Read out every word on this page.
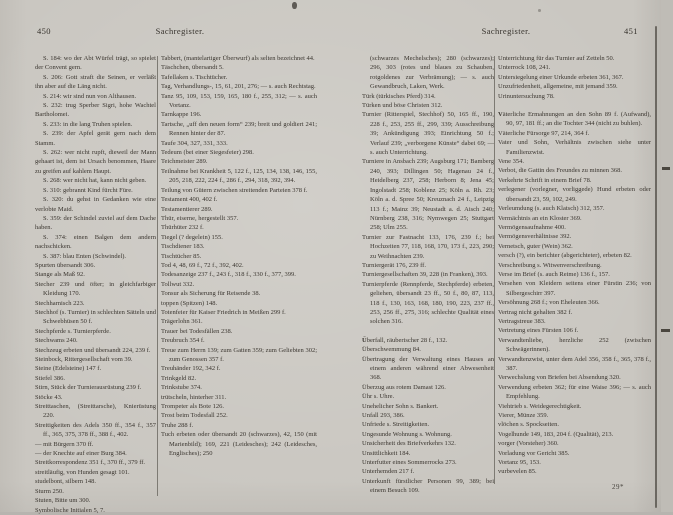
450	Sachregister.	Sachregister.	451

S. 184: wo der Abt Würfel trägt, so spielet der Convent gern.

S. 206: Gott straft die Seinen, er verläßt ihn aber auf die Läng nicht.

S. 214: wir sind nun von Althausen.

S. 232: trug Sperber Sigri, hohe Wachtel Bartholomei.

S. 233: in die lang Truhen spielen.

S. 239: der Apfel gerät gern nach dem Stamm.

S. 262: wer nicht rupft, dieweil der Mann gehaart ist, dem ist Ursach benommen, Haare zu greifen auf kahlem Haupt.

S. 268: wer nicht hat, kann nicht geben.

S. 310: gebrannt Kind fürcht Füre.

S. 320: du gehst in Gedanken wie eine verlobte Maid.

S. 359: der Schindel zuviel auf dem Dache haben.

S. 374: einen Balgen dem andern nachschicken.

S. 387: blau Enten (Schwindel).

Spurten übersandt 306.

Stange als Maß 92.

Stecher 239 und öfter; in gleichfarbiger Kleidung 170.

Stechharnisch 223.

Stechhof (s. Turnier) in schlechten Sätteln und Schwebhüsen 50 f.

Stechpferde s. Turnierpferde.

Stechwams 240.

Stechzeug erbeten und übersandt 224, 239 f.

Steinbock, Rittergesellschaft vom 39.

Steine (Edelsteine) 147 f.

Stiefel 386.

Stirn, Stück der Turnierausrüstung 239 f.

Stöcke 43.

Streittaschen, (Streittarsche), Knierüstung 220.

Streitigkeiten des Adels 350 ff., 354 f., 357 ff., 365, 375, 378 ff., 388 f., 402.

— mit Bürgern 370 ff.

— der Knechte auf einer Burg 384.

Streitkorrespondenz 351 f., 370 ff., 379 ff.

streitläufig, von Hunden gesagt 101.

studelbont, silbern 148.

Sturm 250.

Stuten, Bitte um 300.

Symbolische Initialen 5, 7.

Tabbert, (mantelartiger Überwurf) als selten bezeichnet 44.

Täschchen, übersandt 5.

Tafellaken s. Tischtücher.

Tag, Verhandlungs-, 15, 61, 201, 276; — s. auch Rechtstag.

Tanz 95, 109, 153, 159, 165, 180 f., 255, 312; — s. auch Vortanz.

Tarnkappe 196.

Tartsche, „uff den neuen form“ 239; breit und goldiert 241; Rennen hinter der 87.

Taufe 304, 327, 331, 333.

Tedeum (bei einer Siegesfeier) 298.

Teichmeister 289.

Teilnahme bei Krankheit 5, 122 f., 125, 134, 138, 146, 155, 205, 218, 222, 224 f., 286 f., 294, 318, 392, 394.

Teilung von Gütern zwischen streitenden Parteien 378 f.

Testament 400, 402 f.

Testamentierer 289.

Thür, eiserne, hergestellt 357.

Thürhüter 232 f.

Tiegel (? degelein) 155.

Tischdiener 183.

Tischtücher 85.

Tod 4, 48, 69 f., 72 f., 392, 402.

Todesanzeige 237 f., 243 f., 318 f., 330 f., 377, 399.

Tollwut 332.

Tonsur als Sicherung für Reisende 38.

toppen (Spitzen) 148.

Totenfeier für Kaiser Friedrich in Meißen 299 f.

Trägerlohn 361.

Trauer bei Todesfällen 238.

Treubruch 354 f.

Treue zum Herrn 139; zum Gatten 359; zum Geliebten 302; zum Genossen 357 f.

Treuhänder 192, 342 f.

Trinkgeld 82.

Trinkstube 374.

trütscheln, hinterher 311.

Trompeter als Bote 126.

Trost beim Todesfall 252.

Truhe 288 f.

Tuch erbeten oder übersandt 20 (schwarzes), 42, 150 (mit Marienbild); 169, 221 (Leidesches); 242 (Leidesches, Englisches); 250

(schwarzes Mechelsches); 280 (schwarzes); 296, 303 (rotes und blaues zu Schauben, rotgoldenes zur Verbrämung); — s. auch Gewandbruch, Laken, Werk.

Türk (türkisches Pferd) 314.

Türken und böse Christen 312.

Turnier (Ritterspiel, Stechhof) 50, 165 ff., 190, 228 f., 253, 255 ff., 299, 339; Ausschreibung 39; Ankündigung 393; Einrichtung 50 f.; Verlauf 239; „verborgene Künste“ dabei 69; — s. auch Unterrichtung.

Turniere in Ansbach 239; Augsburg 171; Bamberg 240, 393; Dillingen 50; Hagenau 24 f., Heidelberg 237, 258; Herborn 8; Jena 45; Ingolstadt 258; Koblenz 25; Köln a. Rh. 23; Köln a. d. Spree 50; Kreuznach 24 f., Leipzig 113 f.; Mainz 39; Neustadt a. d. Aisch 240; Nürnberg 238, 316; Nymwegen 25; Stuttgart 258; Ulm 255.

Turnier zur Fastnacht 133, 176, 239 f.; bei Hochzeiten 77, 118, 168, 170, 173 f., 223, 290; zu Weihnachten 239.

Turniergerät 176, 239 ff.

Turniergesellschaften 39, 228 (in Franken), 393.

Turnierpferde (Rennpferde, Stechpferde) erbeten, geliehen, übersandt 23 ff., 50 f., 80, 87, 113, 118 f., 130, 163, 168, 180, 190, 223, 237 ff., 253, 256 ff., 275, 316; schlechte Qualität eines solchen 316.

Überfall, räuberischer 28 f., 132.

Überschwemmung 84.

Übertragung der Verwaltung eines Hauses an einem anderen während einer Abwesenheit 368.

Überzug aus rotem Damast 126.

Ühr s. Uhre.

Unehelicher Sohn s. Bankert.

Unfall 293, 386.

Unfriede s. Streitigkeiten.

Ungesunde Wohnung s. Wohnung.

Unsicherheit des Briefverkehrs 132.

Unsittlichkeit 184.

Unterfutter eines Sommerrocks 273.

Unterhemden 217 f.

Unterkunft fürstlicher Personen 99, 389; bei einem Besuch 109.

Unterrichtung für das Turnier auf Zetteln 50.

Unterrock 108, 241.

Untersiegelung einer Urkunde erbeten 361, 367.

Unzufriedenheit, allgemeine, mit jemand 359.

Urinuntersuchung 78.

Väterliche Ermahnungen an den Sohn 89 f. (Aufwand), 90, 97, 181 ff.; an die Tochter 344 (nicht zu buhlen).

Väterliche Fürsorge 97, 214, 364 f.

Vater und Sohn, Verhältnis zwischen siehe unter Familienzwist.

Vene 354.

Verbot, die Gattin des Freundes zu minnen 368.

Verkehrte Schrift in einem Brief 78.

verlegener (vorlegner, vorliggede) Hund erbeten oder übersandt 23, 59, 102, 249.

Verleumdung (s. auch Klatsch) 312, 357.

Vermächtnis an ein Kloster 369.

Vermögensaufnahme 400.

Vermögensverhältnisse 392.

Vernetsch, guter (Wein) 362.

versch (?), ein berichter (abgerichteter), erbeten 82.

Verschreibung s. Witwenverschreibung.

Verse im Brief (s. auch Reime) 136 f., 157.

Versehen von Kleidern seitens einer Fürstin 236; von Silbergeschirr 397.

Versöhnung 268 f.; von Eheleuten 366.

Vertrag nicht gehalten 382 f.

Vertragstreue 383.

Vertretung eines Fürsten 106 f.

Verwandtenliebe, herzliche 252 (zwischen Schwägerinnen).

Verwandtenzwist, unter dem Adel 356, 358 f., 365, 378 f., 387.

Verwechslung von Briefen bei Absendung 320.

Verwendung erbeten 362; für eine Waise 396; — s. auch Empfehlung.

Viehtrieb s. Weidegerechtigkeit.

Vierer, Münze 359.

vlöchen s. Spockseiten.

Vogelhunde 149, 183, 204 f. (Qualität), 213.

vorger (Vorsteher) 360.

Vorladung vor Gericht 385.

Vortanz 95, 153.

vurbevelen 85.

29*
